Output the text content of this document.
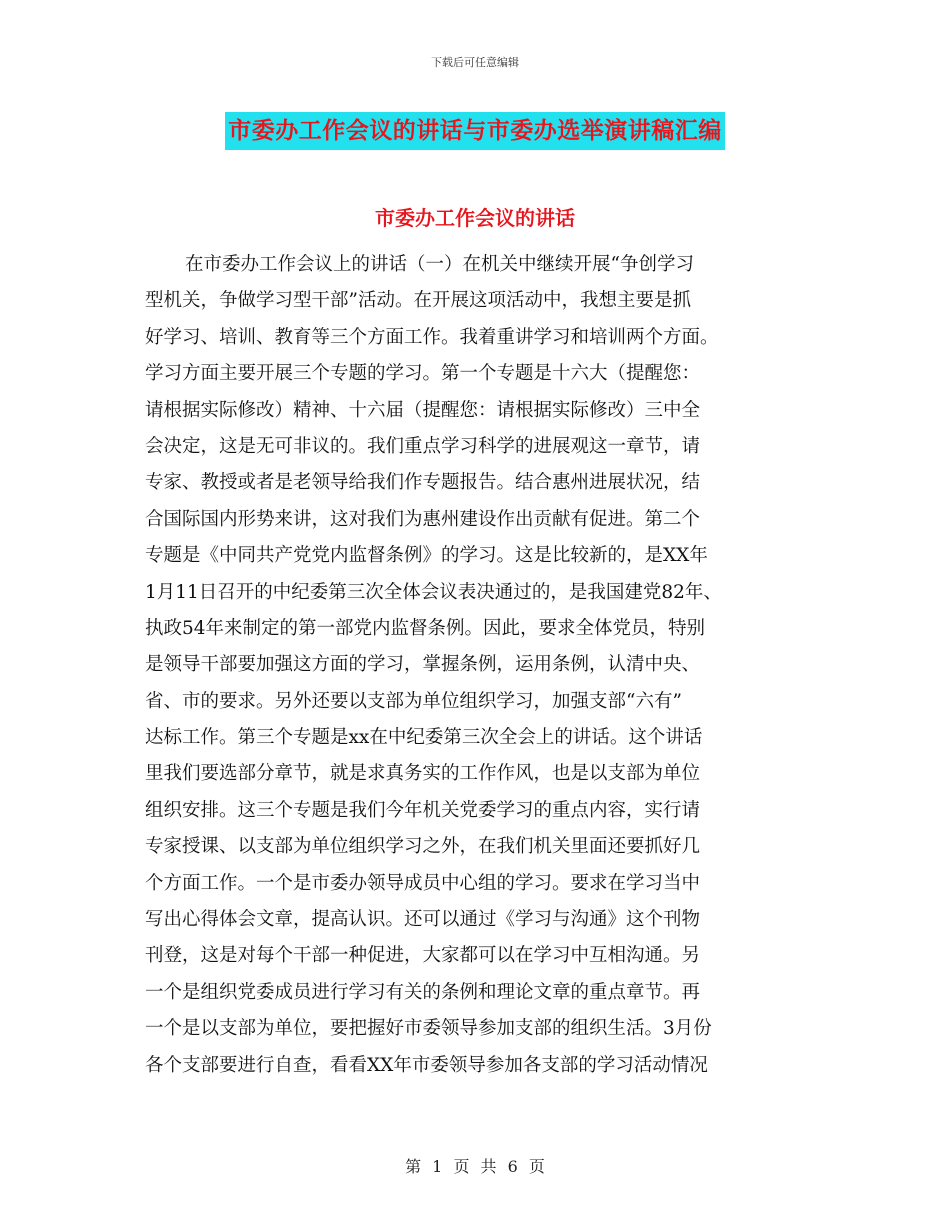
下载后可任意编辑
市委办工作会议的讲话与市委办选举演讲稿汇编
市委办工作会议的讲话
在市委办工作会议上的讲话（一）在机关中继续开展“争创学习
型机关，争做学习型干部”活动。在开展这项活动中，我想主要是抓
好学习、培训、教育等三个方面工作。我着重讲学习和培训两个方面。
学习方面主要开展三个专题的学习。第一个专题是十六大（提醒您：
请根据实际修改）精神、十六届（提醒您：请根据实际修改）三中全
会决定，这是无可非议的。我们重点学习科学的进展观这一章节，请
专家、教授或者是老领导给我们作专题报告。结合惠州进展状况，结
合国际国内形势来讲，这对我们为惠州建设作出贡献有促进。第二个
专题是《中同共产党党内监督条例》的学习。这是比较新的，是XX年
1月11日召开的中纪委第三次全体会议表决通过的，是我国建党82年、
执政54年来制定的第一部党内监督条例。因此，要求全体党员，特别
是领导干部要加强这方面的学习，掌握条例，运用条例，认清中央、
省、市的要求。另外还要以支部为单位组织学习，加强支部“六有”
达标工作。第三个专题是xx在中纪委第三次全会上的讲话。这个讲话
里我们要选部分章节，就是求真务实的工作作风，也是以支部为单位
组织安排。这三个专题是我们今年机关党委学习的重点内容，实行请
专家授课、以支部为单位组织学习之外，在我们机关里面还要抓好几
个方面工作。一个是市委办领导成员中心组的学习。要求在学习当中
写出心得体会文章，提高认识。还可以通过《学习与沟通》这个刊物
刊登，这是对每个干部一种促进，大家都可以在学习中互相沟通。另
一个是组织党委成员进行学习有关的条例和理论文章的重点章节。再
一个是以支部为单位，要把握好市委领导参加支部的组织生活。3月份
各个支部要进行自查，看看XX年市委领导参加各支部的学习活动情况
第 1 页 共 6 页
